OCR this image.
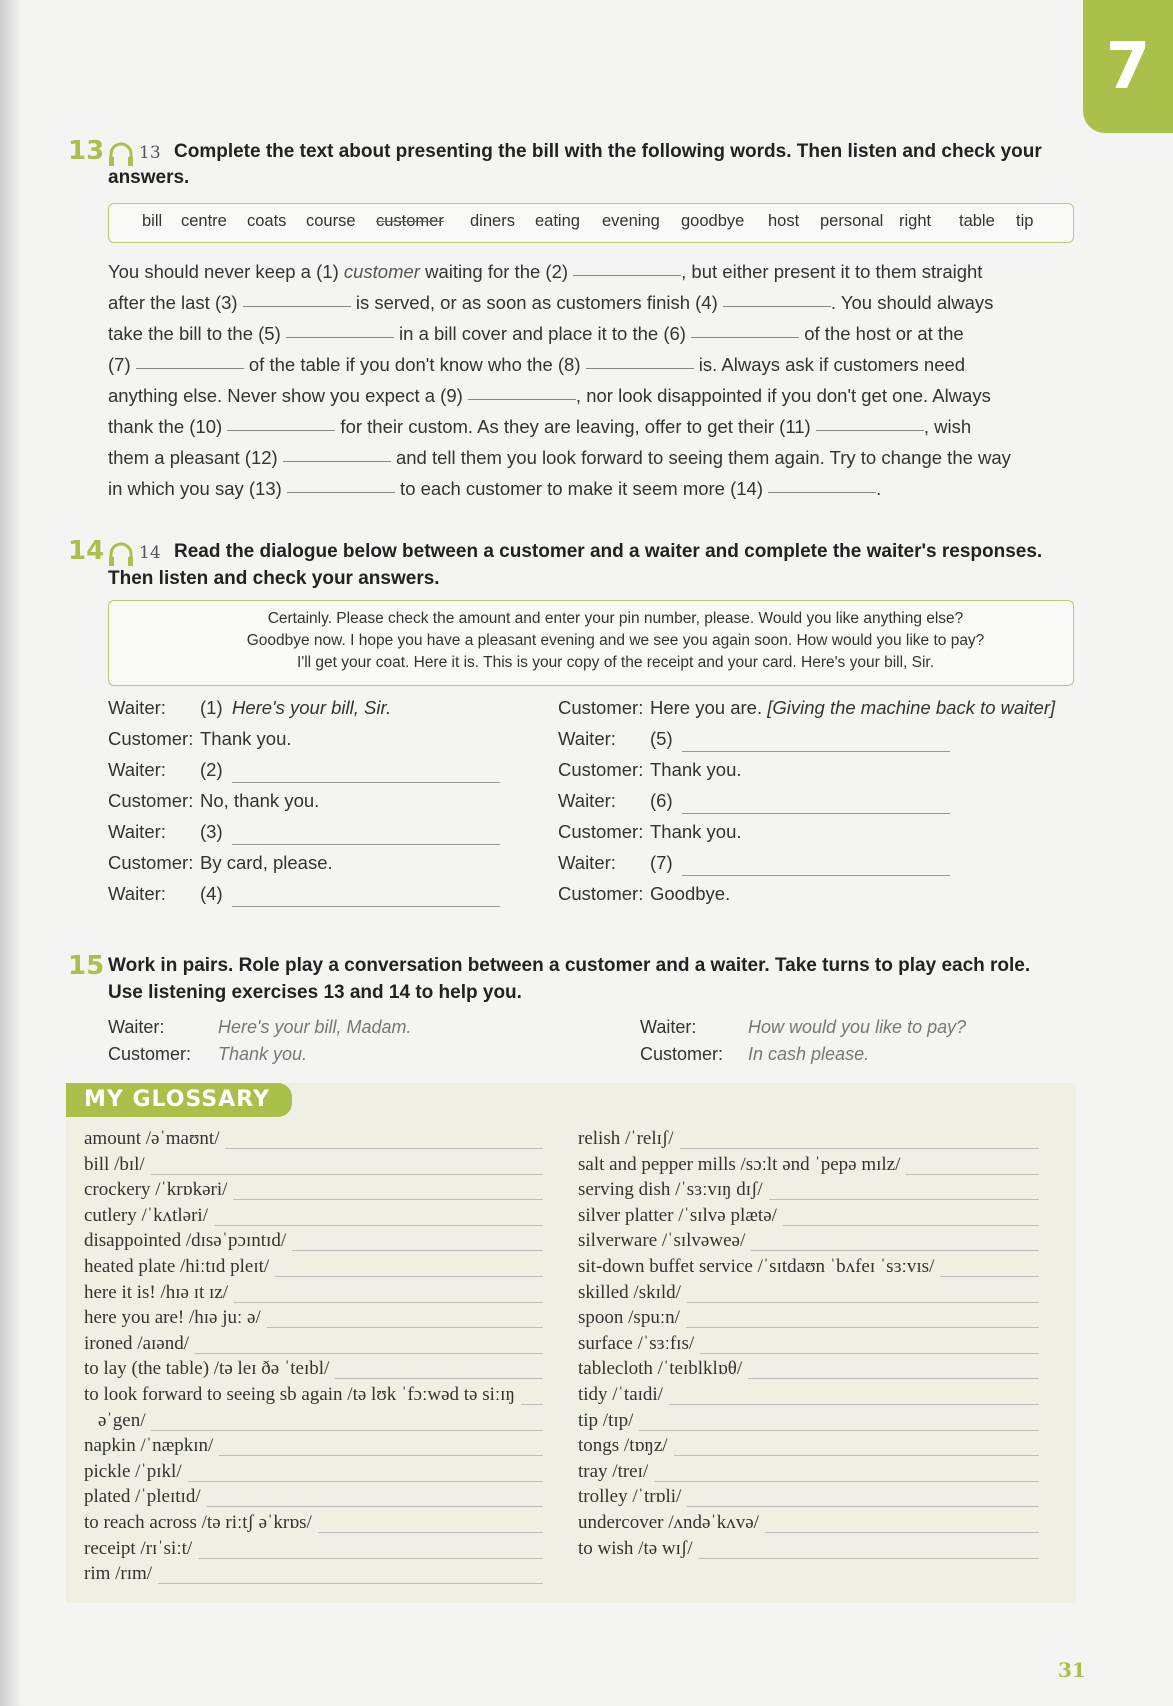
7
13 13 Complete the text about presenting the bill with the following words. Then listen and check your
answers.
bill centre coats course customer diners eating evening goodbye host personal right table tip
You should never keep a (1) customer waiting for the (2)	, but either present it to them straight
after the last (3)	is served, or as soon as customers finish (4)	. You should always
take the bill to the (5)	in a bill cover and place it to the (6)	of the host or at the
(7)	of the table if you don't know who the (8)	is. Always ask if customers need
anything else. Never show you expect a (9)	, nor look disappointed if you don't get one. Always
thank the (10)	for their custom. As they are leaving, offer to get their (11)	, wish
them a pleasant (12)	and tell them you look forward to seeing them again. Try to change the way
in which you say (13)	to each customer to make it seem more (14)	.
14 14 Read the dialogue below between a customer and a waiter and complete the waiter's responses.
Then listen and check your answers.
Certainly. Please check the amount and enter your pin number, please. Would you like anything else?
Goodbye now. I hope you have a pleasant evening and we see you again soon. How would you like to pay?
I'll get your coat. Here it is. This is your copy of the receipt and your card. Here's your bill, Sir.
Waiter: (1) Here's your bill, Sir.
Customer: Thank you.
Waiter: (2)
Customer: No, thank you.
Waiter: (3)
Customer: By card, please.
Waiter: (4)
Customer: Here you are. [Giving the machine back to waiter]
Waiter: (5)
Customer: Thank you.
Waiter: (6)
Customer: Thank you.
Waiter: (7)
Customer: Goodbye.
15 Work in pairs. Role play a conversation between a customer and a waiter. Take turns to play each role.
Use listening exercises 13 and 14 to help you.
Waiter:	Here's your bill, Madam.
Customer: Thank you.
Waiter:	How would you like to pay?
Customer: In cash please.
MY GLOSSARY
amount /əˈmaʊnt/
bill /bɪl/
crockery /ˈkrɒkəri/
cutlery /ˈkʌtləri/
disappointed /dɪsəˈpɔɪntɪd/
heated plate /hiːtɪd pleɪt/
here it is! /hɪə ɪt ɪz/
here you are! /hɪə juː ə/
ironed /aɪənd/
to lay (the table) /tə leɪ ðə ˈteɪbl/
to look forward to seeing sb again /tə lʊk ˈfɔːwəd tə siːɪŋ
əˈgen/
napkin /ˈnæpkɪn/
pickle /ˈpɪkl/
plated /ˈpleɪtɪd/
to reach across /tə riːtʃ əˈkrɒs/
receipt /rɪˈsiːt/
rim /rɪm/
relish /ˈrelɪʃ/
salt and pepper mills /sɔːlt ənd ˈpepə mɪlz/
serving dish /ˈsɜːvɪŋ dɪʃ/
silver platter /ˈsɪlvə plætə/
silverware /ˈsɪlvəweə/
sit-down buffet service /ˈsɪtdaʊn ˈbʌfeɪ ˈsɜːvɪs/
skilled /skɪld/
spoon /spuːn/
surface /ˈsɜːfɪs/
tablecloth /ˈteɪblklɒθ/
tidy /ˈtaɪdi/
tip /tɪp/
tongs /tɒŋz/
tray /treɪ/
trolley /ˈtrɒli/
undercover /ʌndəˈkʌvə/
to wish /tə wɪʃ/
31
